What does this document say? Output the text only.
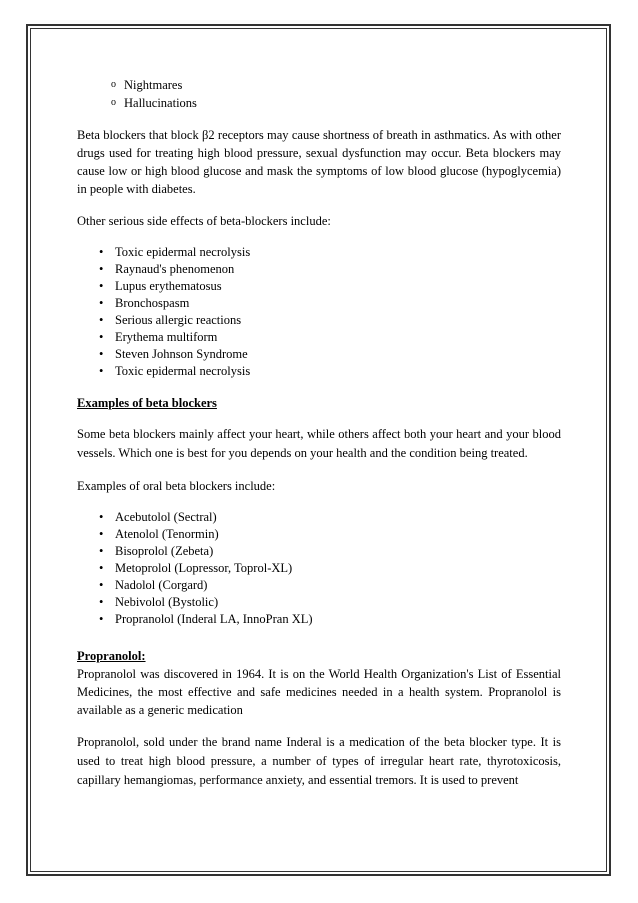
o Nightmares
o Hallucinations

Beta blockers that block β2 receptors may cause shortness of breath in asthmatics. As with other drugs used for treating high blood pressure, sexual dysfunction may occur. Beta blockers may cause low or high blood glucose and mask the symptoms of low blood glucose (hypoglycemia) in people with diabetes.

Other serious side effects of beta-blockers include:

• Toxic epidermal necrolysis
• Raynaud's phenomenon
• Lupus erythematosus
• Bronchospasm
• Serious allergic reactions
• Erythema multiform
• Steven Johnson Syndrome
• Toxic epidermal necrolysis

Examples of beta blockers

Some beta blockers mainly affect your heart, while others affect both your heart and your blood vessels. Which one is best for you depends on your health and the condition being treated.

Examples of oral beta blockers include:

• Acebutolol (Sectral)
• Atenolol (Tenormin)
• Bisoprolol (Zebeta)
• Metoprolol (Lopressor, Toprol-XL)
• Nadolol (Corgard)
• Nebivolol (Bystolic)
• Propranolol (Inderal LA, InnoPran XL)

Propranolol:

Propranolol was discovered in 1964. It is on the World Health Organization's List of Essential Medicines, the most effective and safe medicines needed in a health system. Propranolol is available as a generic medication

Propranolol, sold under the brand name Inderal is a medication of the beta blocker type. It is used to treat high blood pressure, a number of types of irregular heart rate, thyrotoxicosis, capillary hemangiomas, performance anxiety, and essential tremors. It is used to prevent
